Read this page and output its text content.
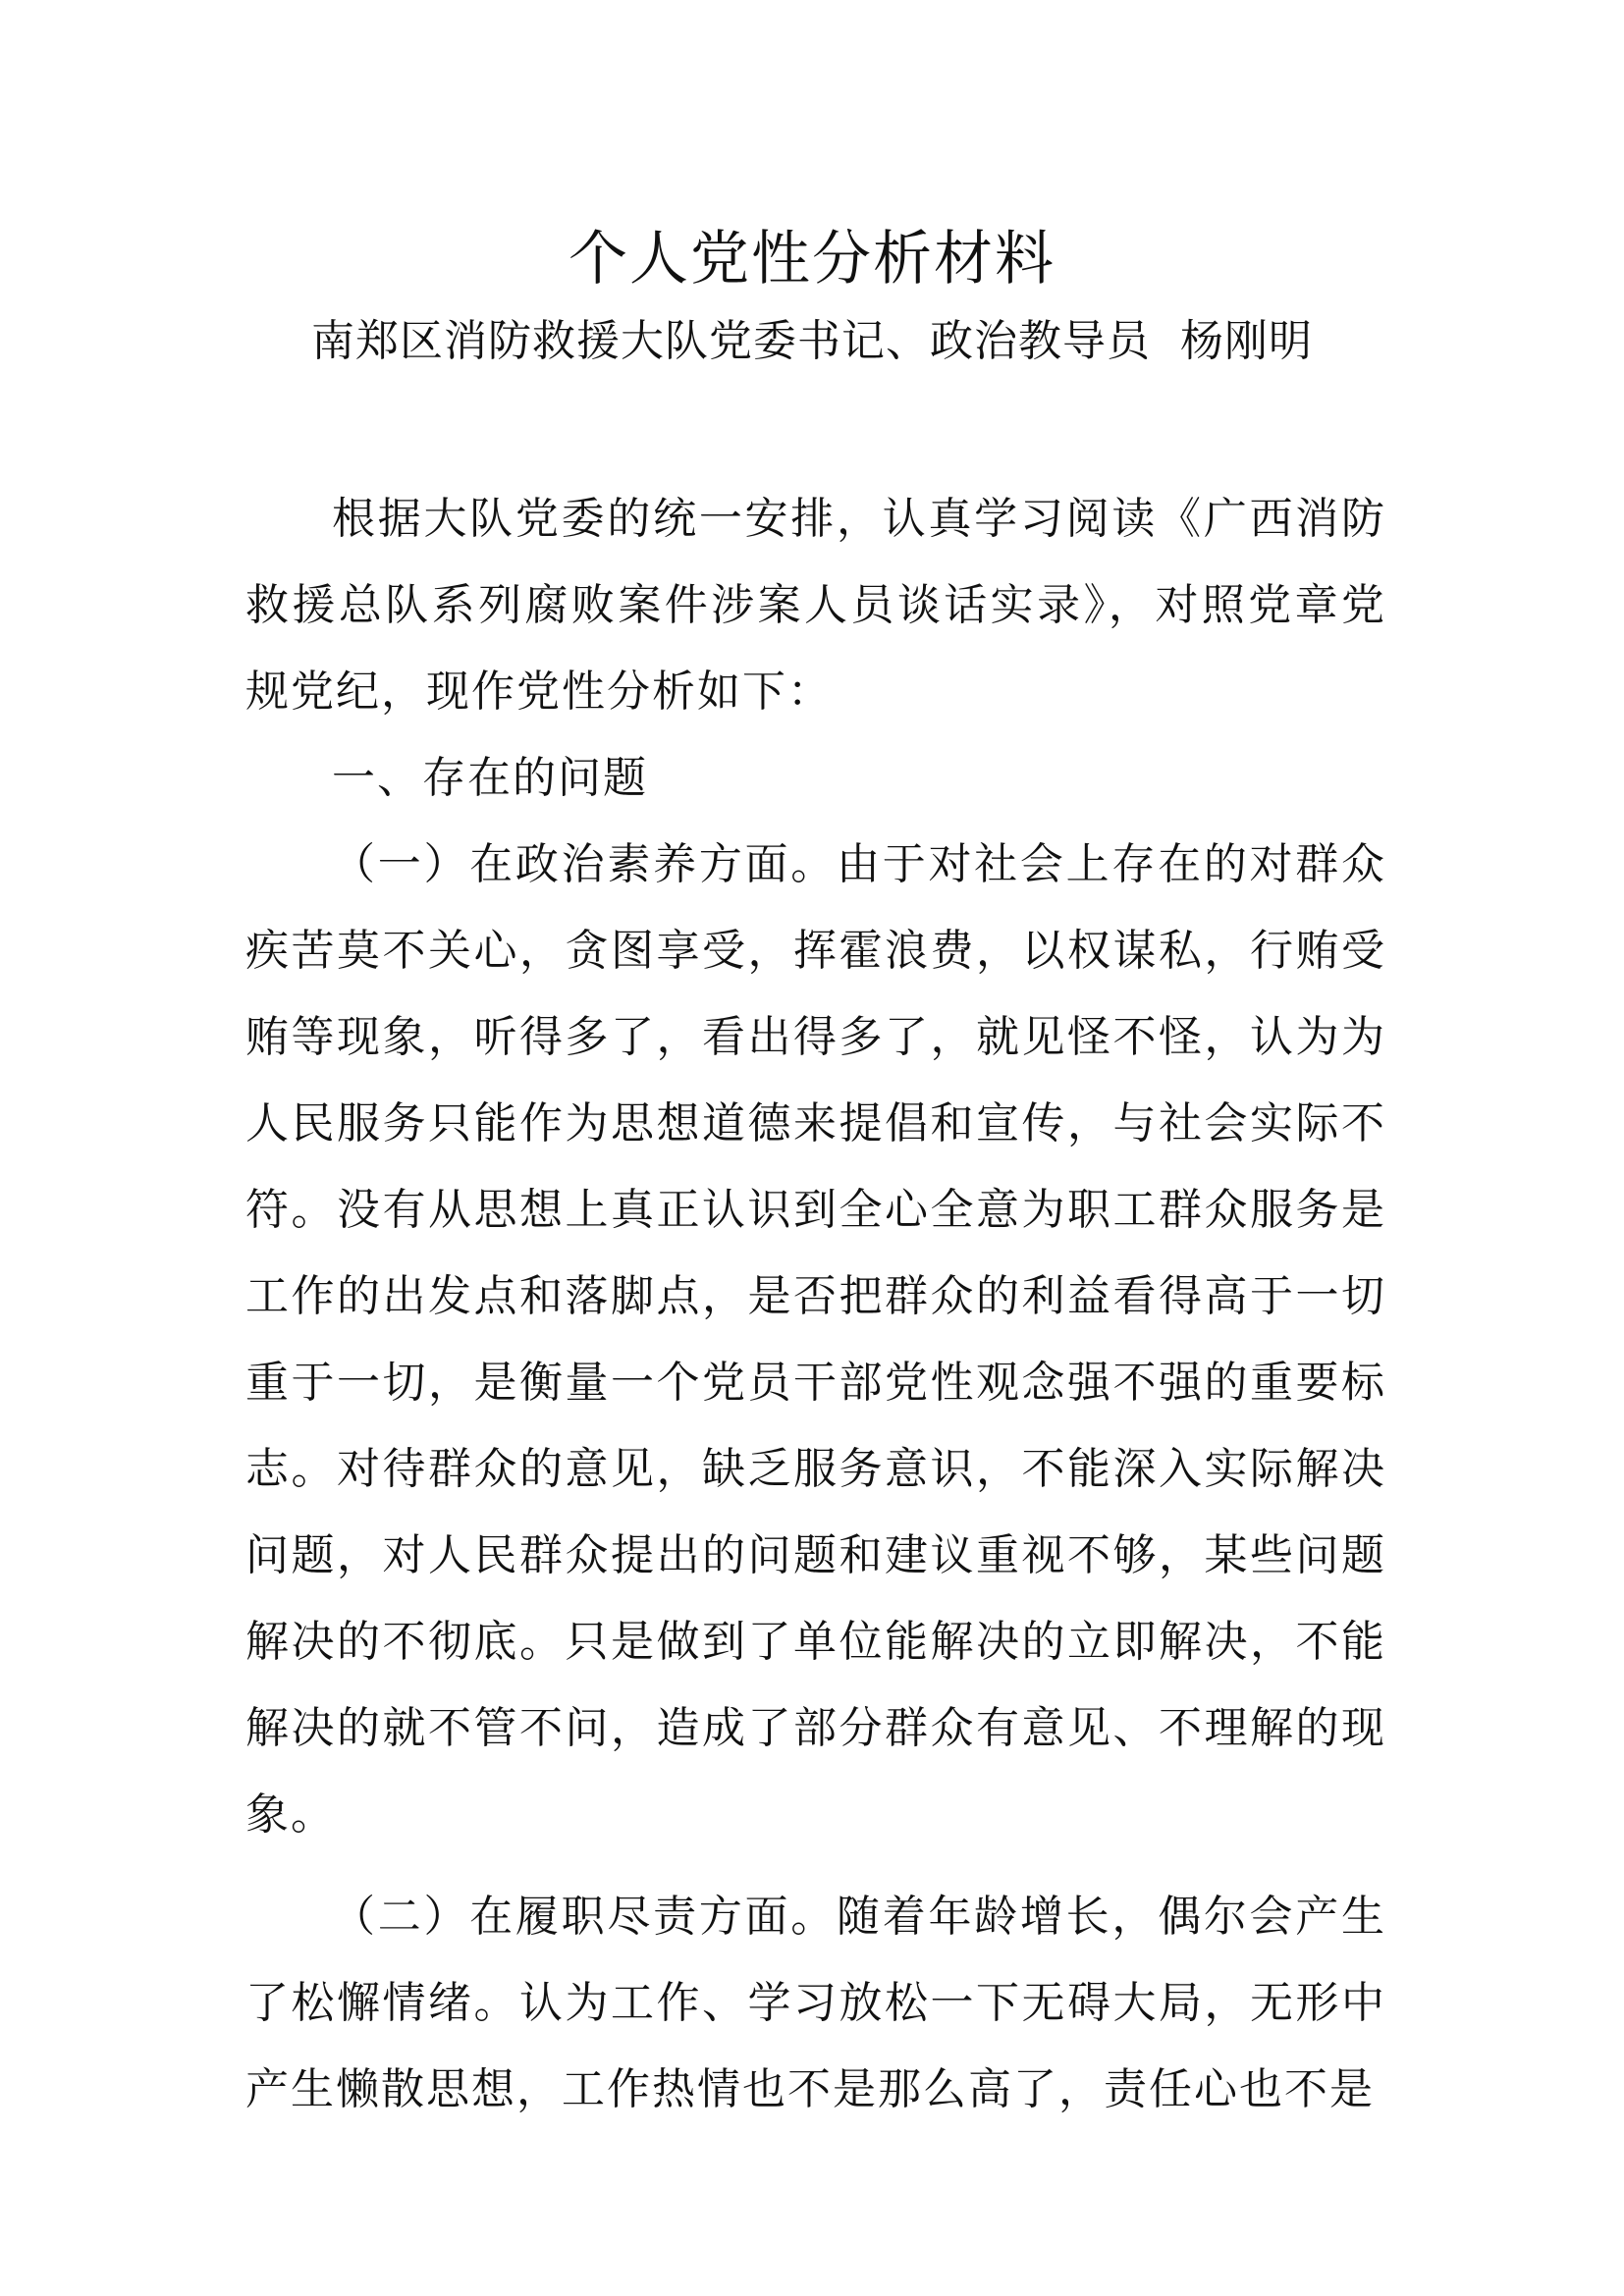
个人党性分析材料
南郑区消防救援大队党委书记、政治教导员  杨刚明

根据大队党委的统一安排，认真学习阅读《广西消防救援总队系列腐败案件涉案人员谈话实录》，对照党章党规党纪，现作党性分析如下：

一、存在的问题

（一）在政治素养方面。由于对社会上存在的对群众疾苦莫不关心，贪图享受，挥霍浪费，以权谋私，行贿受贿等现象，听得多了，看出得多了，就见怪不怪，认为为人民服务只能作为思想道德来提倡和宣传，与社会实际不符。没有从思想上真正认识到全心全意为职工群众服务是工作的出发点和落脚点，是否把群众的利益看得高于一切重于一切，是衡量一个党员干部党性观念强不强的重要标志。对待群众的意见，缺乏服务意识，不能深入实际解决问题，对人民群众提出的问题和建议重视不够，某些问题解决的不彻底。只是做到了单位能解决的立即解决，不能解决的就不管不问，造成了部分群众有意见、不理解的现象。

（二）在履职尽责方面。随着年龄增长，偶尔会产生了松懈情绪。认为工作、学习放松一下无碍大局，无形中产生懒散思想，工作热情也不是那么高了，责任心也不是
